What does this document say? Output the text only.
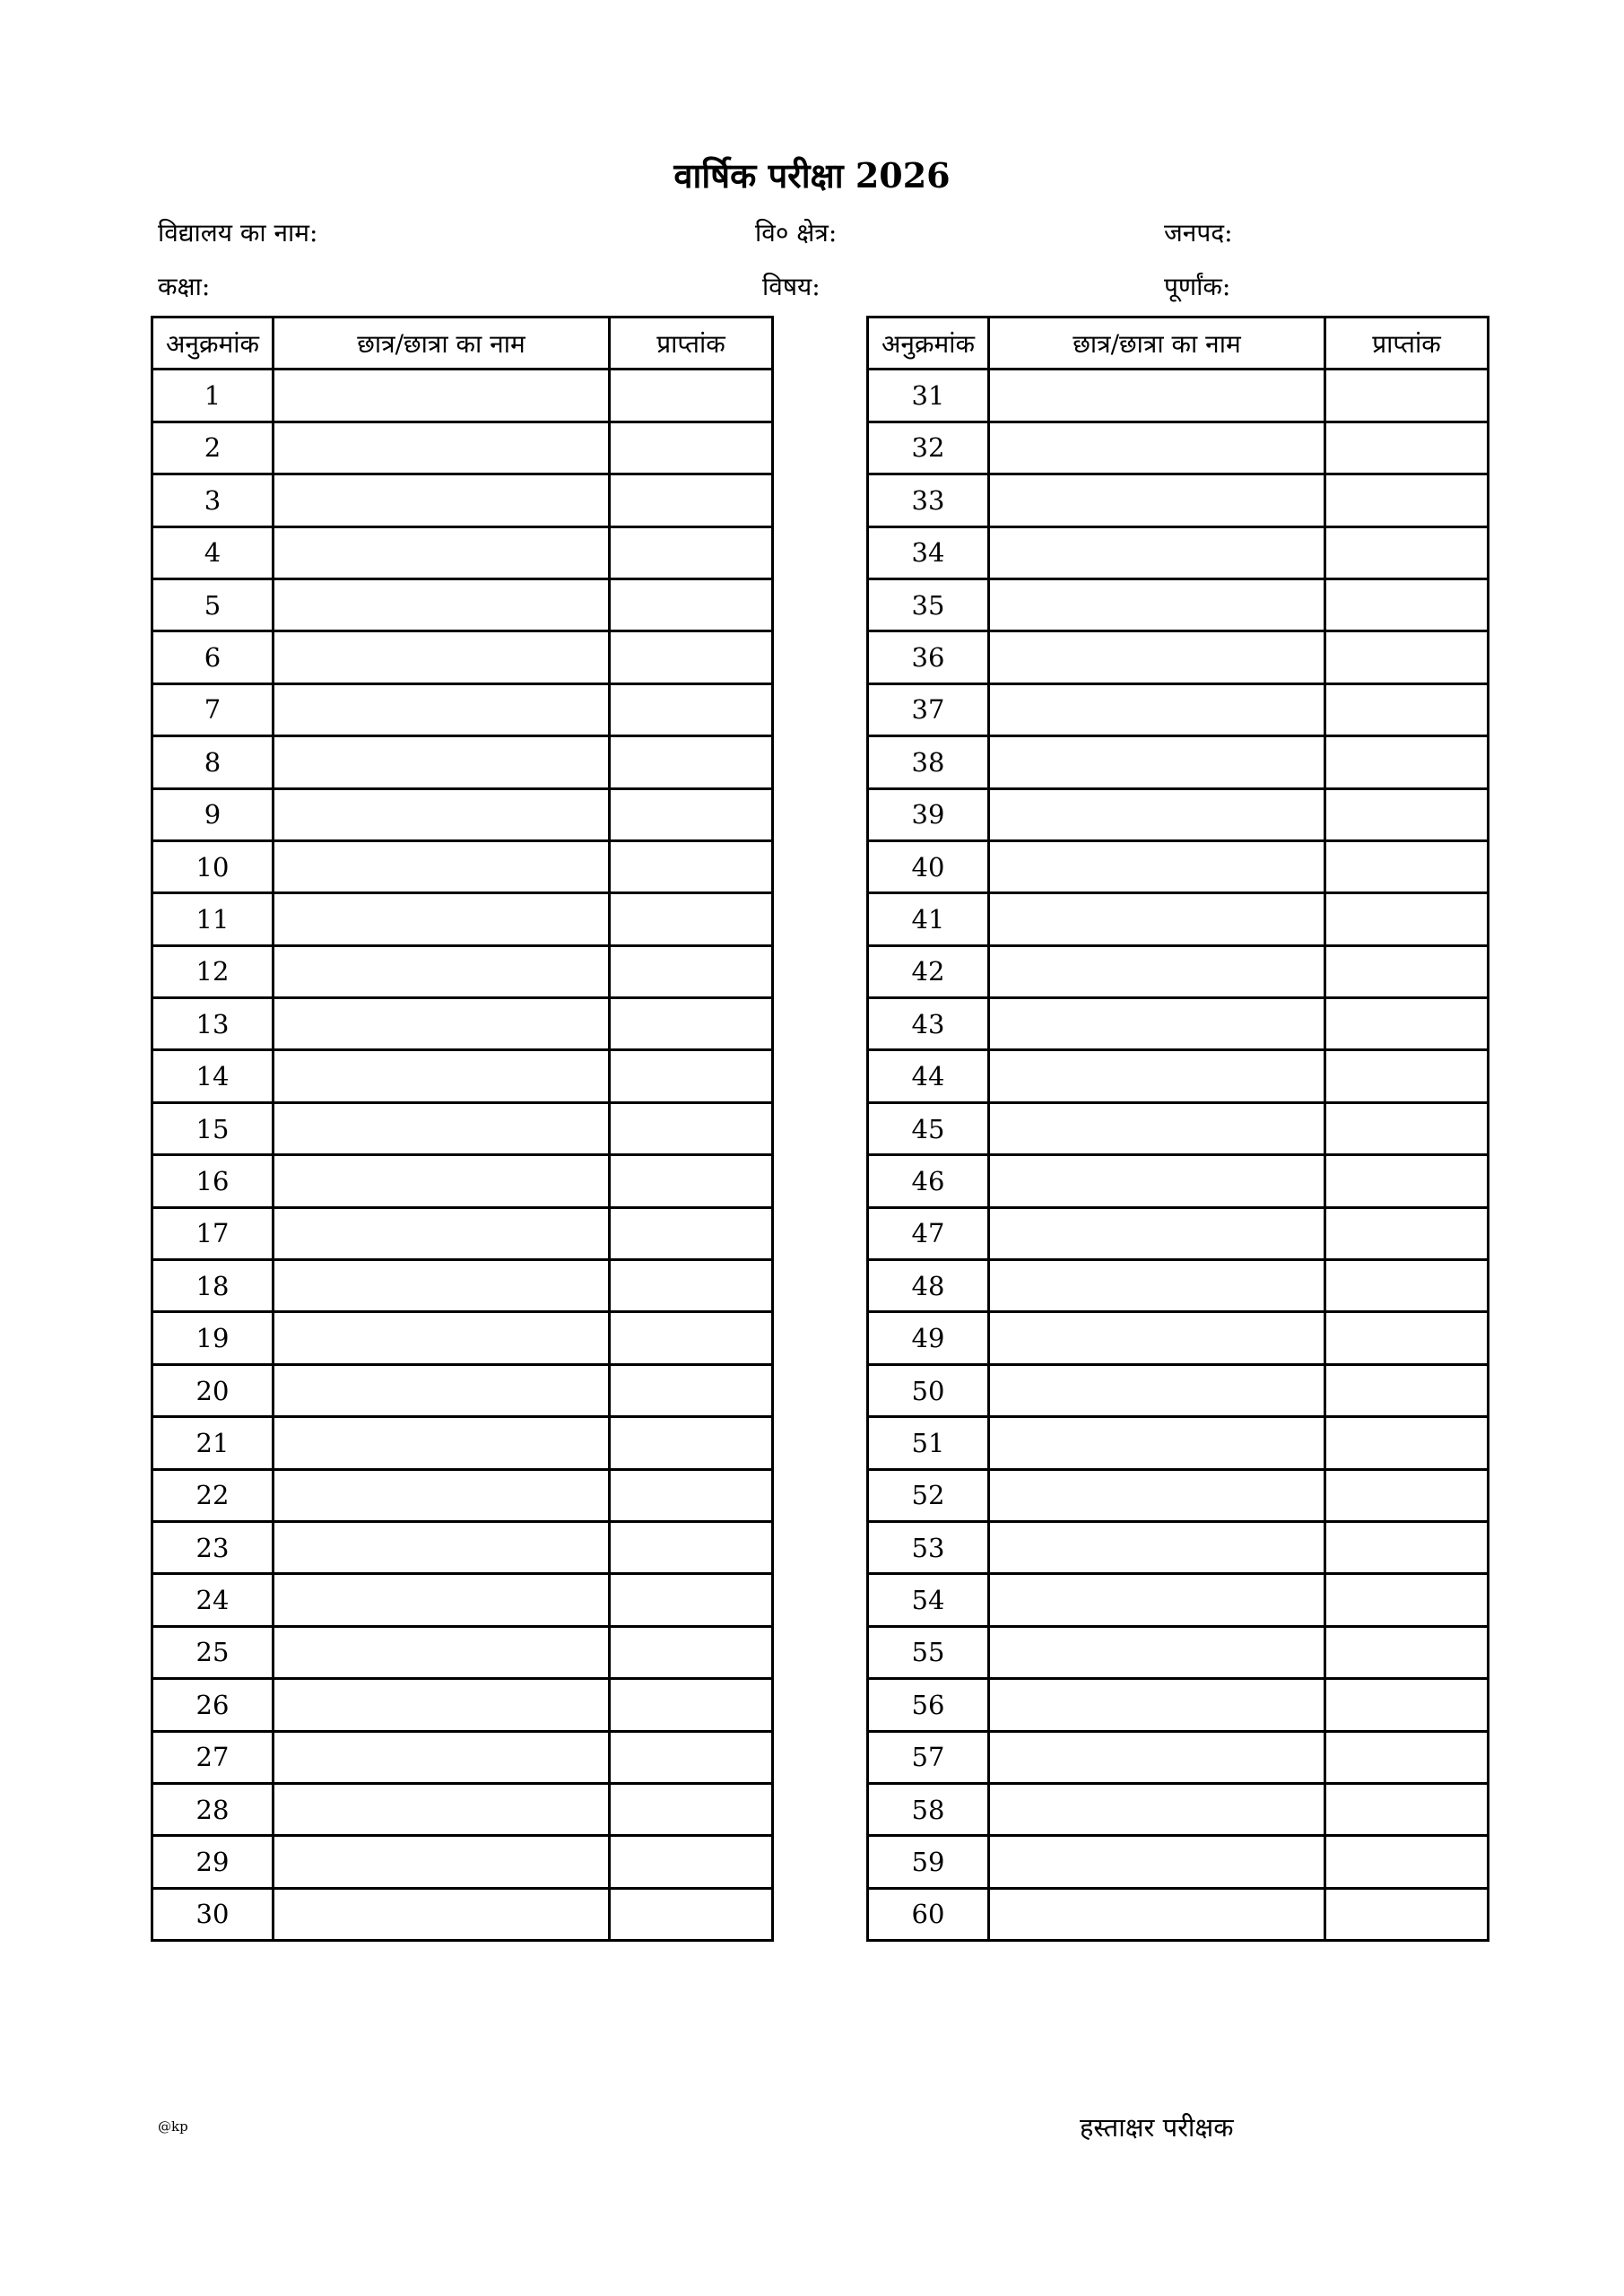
वार्षिक परीक्षा 2026
विद्यालय का नाम:	वि० क्षेत्र:	जनपद:
कक्षा:	विषय:	पूर्णांक:
अनुक्रमांक	छात्र/छात्रा का नाम	प्राप्तांक
1		
2		
3		
4		
5		
6		
7		
8		
9		
10		
11		
12		
13		
14		
15		
16		
17		
18		
19		
20		
21		
22		
23		
24		
25		
26		
27		
28		
29		
30		
अनुक्रमांक	छात्र/छात्रा का नाम	प्राप्तांक
31		
32		
33		
34		
35		
36		
37		
38		
39		
40		
41		
42		
43		
44		
45		
46		
47		
48		
49		
50		
51		
52		
53		
54		
55		
56		
57		
58		
59		
60		
@kp	हस्ताक्षर परीक्षक
